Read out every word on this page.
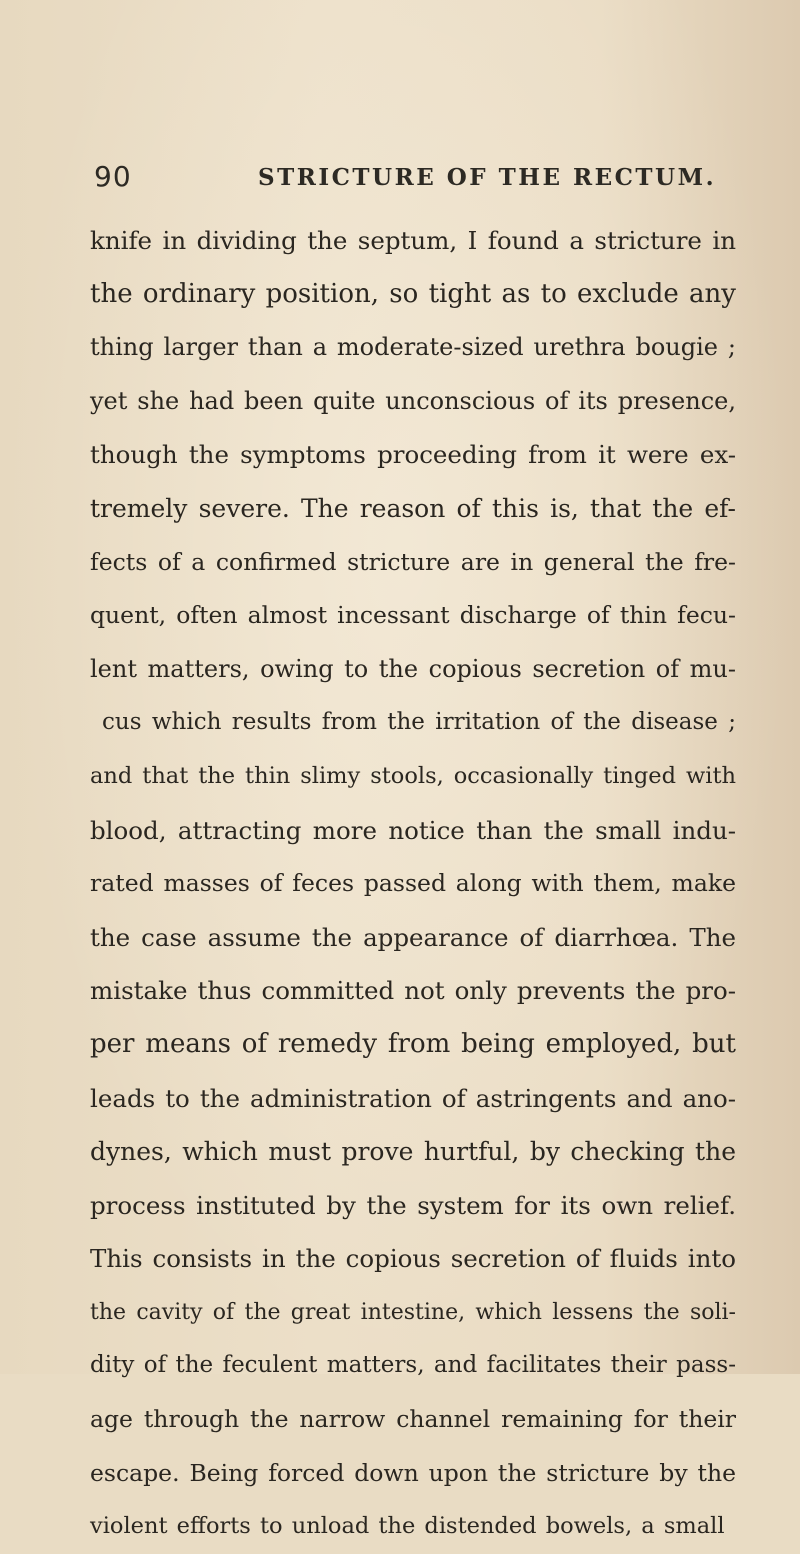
90	STRICTURE OF THE RECTUM.
knife in dividing the septum, I found a stricture in
the ordinary position, so tight as to exclude any
thing larger than a moderate-sized urethra bougie ;
yet she had been quite unconscious of its presence,
though the symptoms proceeding from it were ex-
tremely severe. The reason of this is, that the ef-
fects of a confirmed stricture are in general the fre-
quent, often almost incessant discharge of thin fecu-
lent matters, owing to the copious secretion of mu-
cus which results from the irritation of the disease ;
and that the thin slimy stools, occasionally tinged with
blood, attracting more notice than the small indu-
rated masses of feces passed along with them, make
the case assume the appearance of diarrhœa. The
mistake thus committed not only prevents the pro-
per means of remedy from being employed, but
leads to the administration of astringents and ano-
dynes, which must prove hurtful, by checking the
process instituted by the system for its own relief.
This consists in the copious secretion of fluids into
the cavity of the great intestine, which lessens the soli-
dity of the feculent matters, and facilitates their pass-
age through the narrow channel remaining for their
escape. Being forced down upon the stricture by the
violent efforts to unload the distended bowels, a small
